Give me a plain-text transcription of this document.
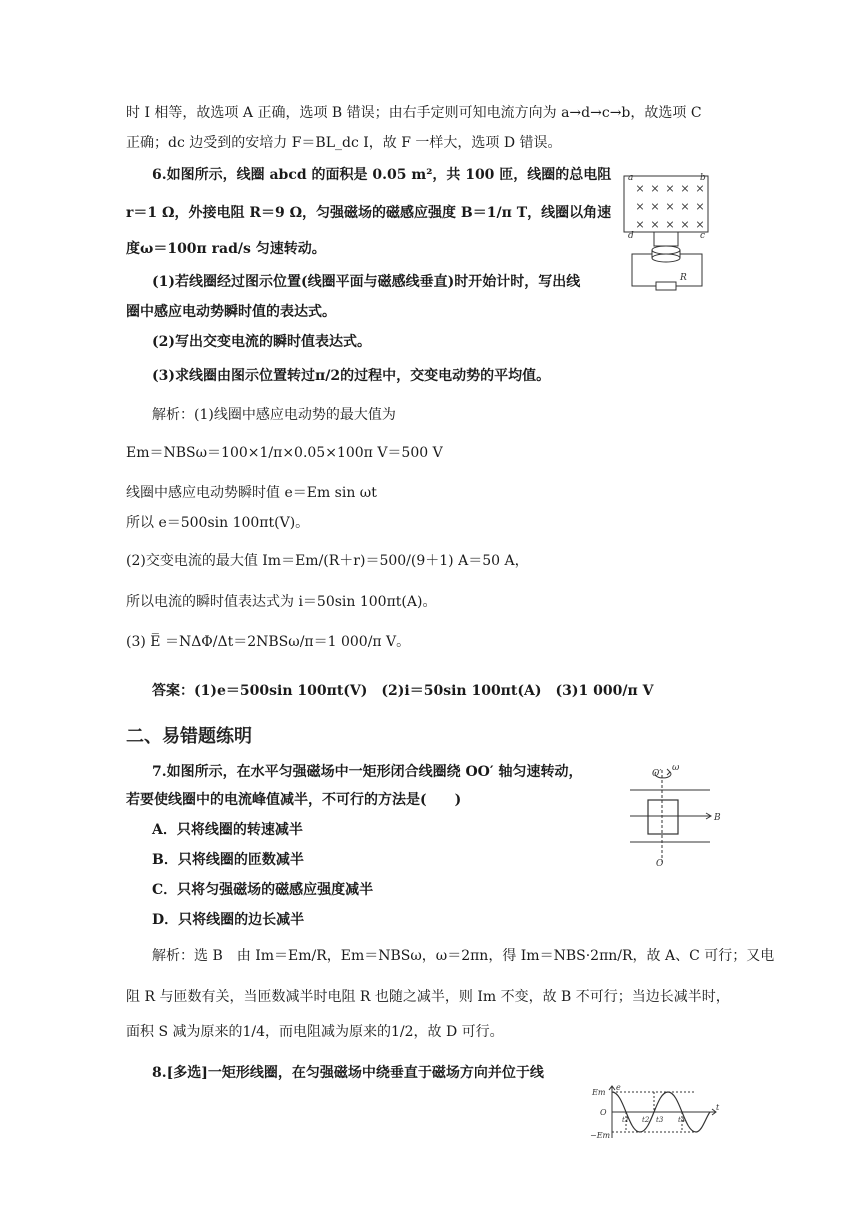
时 I 相等，故选项 A 正确，选项 B 错误；由右手定则可知电流方向为 a→d→c→b，故选项 C
正确；dc 边受到的安培力 F＝BL_dc I，故 F 一样大，选项 D 错误。
6.如图所示，线圈 abcd 的面积是 0.05 m²，共 100 匝，线圈的总电阻
r＝1 Ω，外接电阻 R＝9 Ω，匀强磁场的磁感应强度 B＝1/π T，线圈以角速
度ω＝100π rad/s 匀速转动。
(1)若线圈经过图示位置(线圈平面与磁感线垂直)时开始计时，写出线
圈中感应电动势瞬时值的表达式。
(2)写出交变电流的瞬时值表达式。
(3)求线圈由图示位置转过π/2的过程中，交变电动势的平均值。
解析：(1)线圈中感应电动势的最大值为
Em＝NBSω＝100×1/π×0.05×100π V＝500 V
线圈中感应电动势瞬时值 e＝Em sin ωt
所以 e＝500sin 100πt(V)。
(2)交变电流的最大值 Im＝Em/(R＋r)＝500/(9＋1) A＝50 A，
所以电流的瞬时值表达式为 i＝50sin 100πt(A)。
(3) E̅ ＝NΔΦ/Δt＝2NBSω/π＝1 000/π V。
答案：(1)e＝500sin 100πt(V)　(2)i＝50sin 100πt(A)　(3)1 000/π V
二、易错题练明
7.如图所示，在水平匀强磁场中一矩形闭合线圈绕 OO′ 轴匀速转动，
若要使线圈中的电流峰值减半，不可行的方法是(　　)
A．只将线圈的转速减半
B．只将线圈的匝数减半
C．只将匀强磁场的磁感应强度减半
D．只将线圈的边长减半
解析：选 B　由 Im＝Em/R，Em＝NBSω，ω＝2πn，得 Im＝NBS·2πn/R，故 A、C 可行；又电
阻 R 与匝数有关，当匝数减半时电阻 R 也随之减半，则 Im 不变，故 B 不可行；当边长减半时，
面积 S 减为原来的1/4，而电阻减为原来的1/2，故 D 可行。
8.[多选]一矩形线圈，在匀强磁场中绕垂直于磁场方向并位于线
× × × × ×
× × × × ×
× × × × ×
a	b
d	c
R
O′
ω
B
O
e
Em
O
−Em
t
t1 t2 t3 t4
